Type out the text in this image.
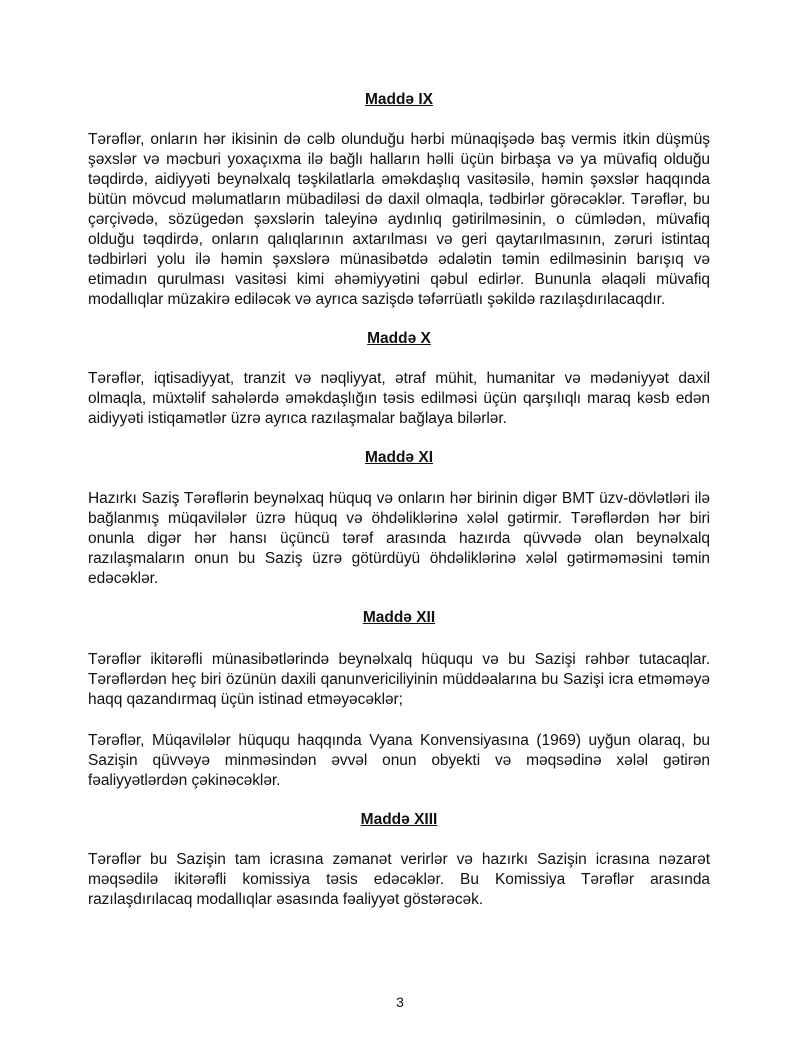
Maddə IX

Tərəflər, onların hər ikisinin də cəlb olunduğu hərbi münaqişədə baş vermis itkin düşmüş şəxslər və məcburi yoxaçıxma ilə bağlı halların həlli üçün birbaşa və ya müvafiq olduğu təqdirdə, aidiyyəti beynəlxalq təşkilatlarla əməkdaşlıq vasitəsilə, həmin şəxslər haqqında bütün mövcud məlumatların mübadiləsi də daxil olmaqla, tədbirlər görəcəklər. Tərəflər, bu çərçivədə, sözügedən şəxslərin taleyinə aydınlıq gətirilməsinin, o cümlədən, müvafiq olduğu təqdirdə, onların qalıqlarının axtarılması və geri qaytarılmasının, zəruri istintaq tədbirləri yolu ilə həmin şəxslərə münasibətdə ədalətin təmin edilməsinin barışıq və etimadın qurulması vasitəsi kimi əhəmiyyətini qəbul edirlər. Bununla əlaqəli müvafiq modallıqlar müzakirə ediləcək və ayrıca sazişdə təfərrüatlı şəkildə razılaşdırılacaqdır.

Maddə X

Tərəflər, iqtisadiyyat, tranzit və nəqliyyat, ətraf mühit, humanitar və mədəniyyət daxil olmaqla, müxtəlif sahələrdə əməkdaşlığın təsis edilməsi üçün qarşılıqlı maraq kəsb edən aidiyyəti istiqamətlər üzrə ayrıca razılaşmalar bağlaya bilərlər.

Maddə XI

Hazırkı Saziş Tərəflərin beynəlxaq hüquq və onların hər birinin digər BMT üzv-dövlətləri ilə bağlanmış müqavilələr üzrə hüquq və öhdəliklərinə xələl gətirmir. Tərəflərdən hər biri onunla digər hər hansı üçüncü tərəf arasında hazırda qüvvədə olan beynəlxalq razılaşmaların onun bu Saziş üzrə götürdüyü öhdəliklərinə xələl gətirməməsini təmin edəcəklər.

Maddə XII

Tərəflər ikitərəfli münasibətlərində beynəlxalq hüququ və bu Sazişi rəhbər tutacaqlar. Tərəflərdən heç biri özünün daxili qanunvericiliyinin müddəalarına bu Sazişi icra etməməyə haqq qazandırmaq üçün istinad etməyəcəklər;

Tərəflər, Müqavilələr hüququ haqqında Vyana Konvensiyasına (1969) uyğun olaraq, bu Sazişin qüvvəyə minməsindən əvvəl onun obyekti və məqsədinə xələl gətirən fəaliyyətlərdən çəkinəcəklər.

Maddə XIII

Tərəflər bu Sazişin tam icrasına zəmanət verirlər və hazırkı Sazişin icrasına nəzarət məqsədilə ikitərəfli komissiya təsis edəcəklər. Bu Komissiya Tərəflər arasında razılaşdırılacaq modallıqlar əsasında fəaliyyət göstərəcək.

3
